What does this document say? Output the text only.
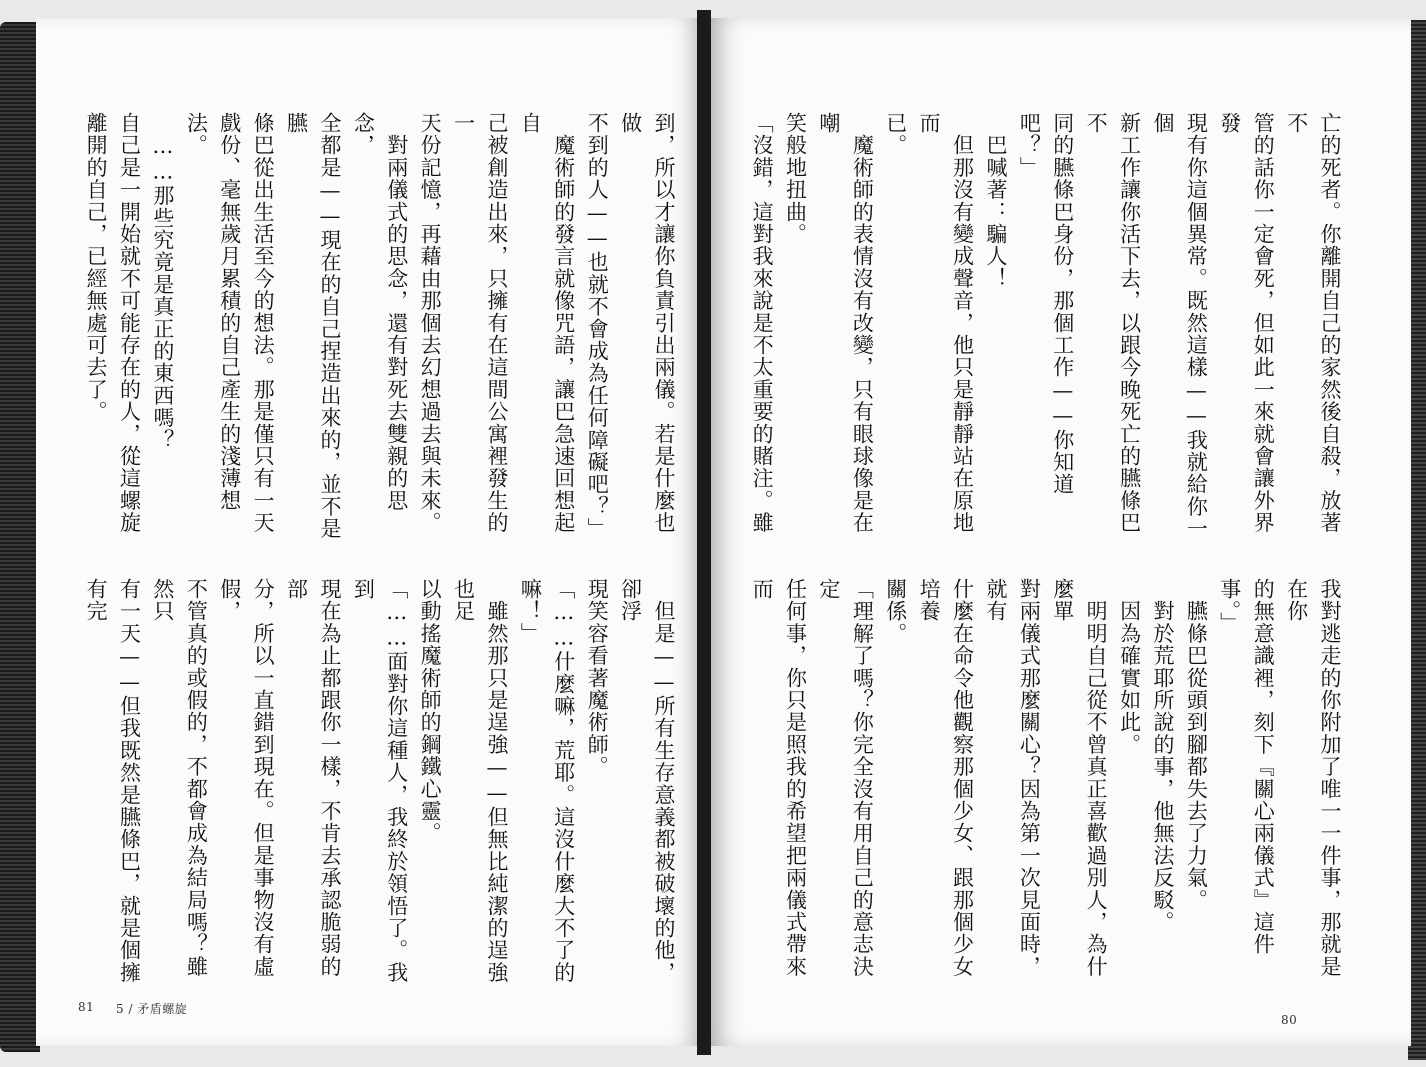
亡的死者。你離開自己的家然後自殺，放著不
管的話你一定會死，但如此一來就會讓外界發
現有你這個異常。既然這樣——我就給你一個
新工作讓你活下去，以跟今晚死亡的臙條巴不
同的臙條巴身份，那個工作——你知道吧？」
　巴喊著：騙人！
　但那沒有變成聲音，他只是靜靜站在原地而
已。
　魔術師的表情沒有改變，只有眼球像是在嘲
笑般地扭曲。
「沒錯，這對我來說是不太重要的賭注。雖

我對逃走的你附加了唯一一件事，那就是在你
的無意識裡，刻下『關心兩儀式』這件事。」
　臙條巴從頭到腳都失去了力氣。
　對於荒耶所說的事，他無法反駁。
　因為確實如此。
　明明自己從不曾真正喜歡過別人，為什麼單
對兩儀式那麼關心？因為第一次見面時，就有
什麼在命令他觀察那個少女、跟那個少女培養
關係。
「理解了嗎？你完全沒有用自己的意志決定
任何事，你只是照我的希望把兩儀式帶來而

80
到，所以才讓你負責引出兩儀。若是什麼也做
不到的人——也就不會成為任何障礙吧？」
　魔術師的發言就像咒語，讓巴急速回想起自
己被創造出來，只擁有在這間公寓裡發生的一
天份記憶，再藉由那個去幻想過去與未來。
　對兩儀式的思念，還有對死去雙親的思念，
全都是——現在的自己捏造出來的，並不是臙
條巴從出生活至今的想法。那是僅只有一天
戲份、毫無歲月累積的自己產生的淺薄想法。
　……那些究竟是真正的東西嗎？
自己是一開始就不可能存在的人，從這螺旋
離開的自己，已經無處可去了。

　但是——所有生存意義都被破壞的他，卻浮
現笑容看著魔術師。
「……什麼嘛，荒耶。這沒什麼大不了的
嘛！」
　雖然那只是逞強——但無比純潔的逞強也足
以動搖魔術師的鋼鐵心靈。
「……面對你這種人，我終於領悟了。我到
現在為止都跟你一樣，不肯去承認脆弱的部
分，所以一直錯到現在。但是事物沒有虛假，
不管真的或假的，不都會成為結局嗎？雖然只
有一天——但我既然是臙條巴，就是個擁有完

81 5 / 矛盾螺旋
